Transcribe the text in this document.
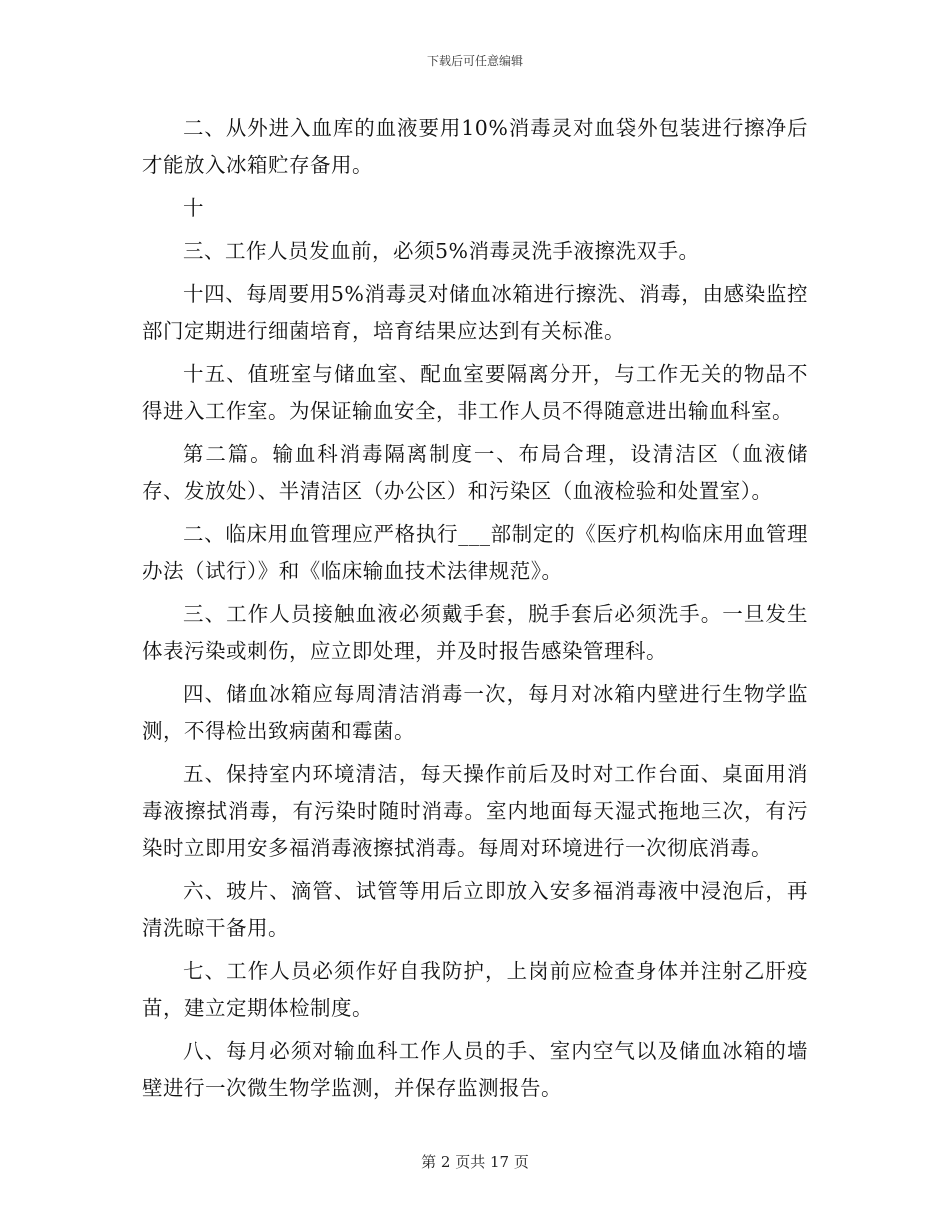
下载后可任意编辑

二、从外进入血库的血液要用10%消毒灵对血袋外包装进行擦净后才能放入冰箱贮存备用。

十

三、工作人员发血前，必须5%消毒灵洗手液擦洗双手。

十四、每周要用5%消毒灵对储血冰箱进行擦洗、消毒，由感染监控部门定期进行细菌培育，培育结果应达到有关标准。

十五、值班室与储血室、配血室要隔离分开，与工作无关的物品不得进入工作室。为保证输血安全，非工作人员不得随意进出输血科室。

第二篇。输血科消毒隔离制度一、布局合理，设清洁区（血液储存、发放处）、半清洁区（办公区）和污染区（血液检验和处置室）。

二、临床用血管理应严格执行___部制定的《医疗机构临床用血管理办法（试行）》和《临床输血技术法律规范》。

三、工作人员接触血液必须戴手套，脱手套后必须洗手。一旦发生体表污染或刺伤，应立即处理，并及时报告感染管理科。

四、储血冰箱应每周清洁消毒一次，每月对冰箱内壁进行生物学监测，不得检出致病菌和霉菌。

五、保持室内环境清洁，每天操作前后及时对工作台面、桌面用消毒液擦拭消毒，有污染时随时消毒。室内地面每天湿式拖地三次，有污染时立即用安多福消毒液擦拭消毒。每周对环境进行一次彻底消毒。

六、玻片、滴管、试管等用后立即放入安多福消毒液中浸泡后，再清洗晾干备用。

七、工作人员必须作好自我防护，上岗前应检查身体并注射乙肝疫苗，建立定期体检制度。

八、每月必须对输血科工作人员的手、室内空气以及储血冰箱的墙壁进行一次微生物学监测，并保存监测报告。

第 2 页共 17 页
